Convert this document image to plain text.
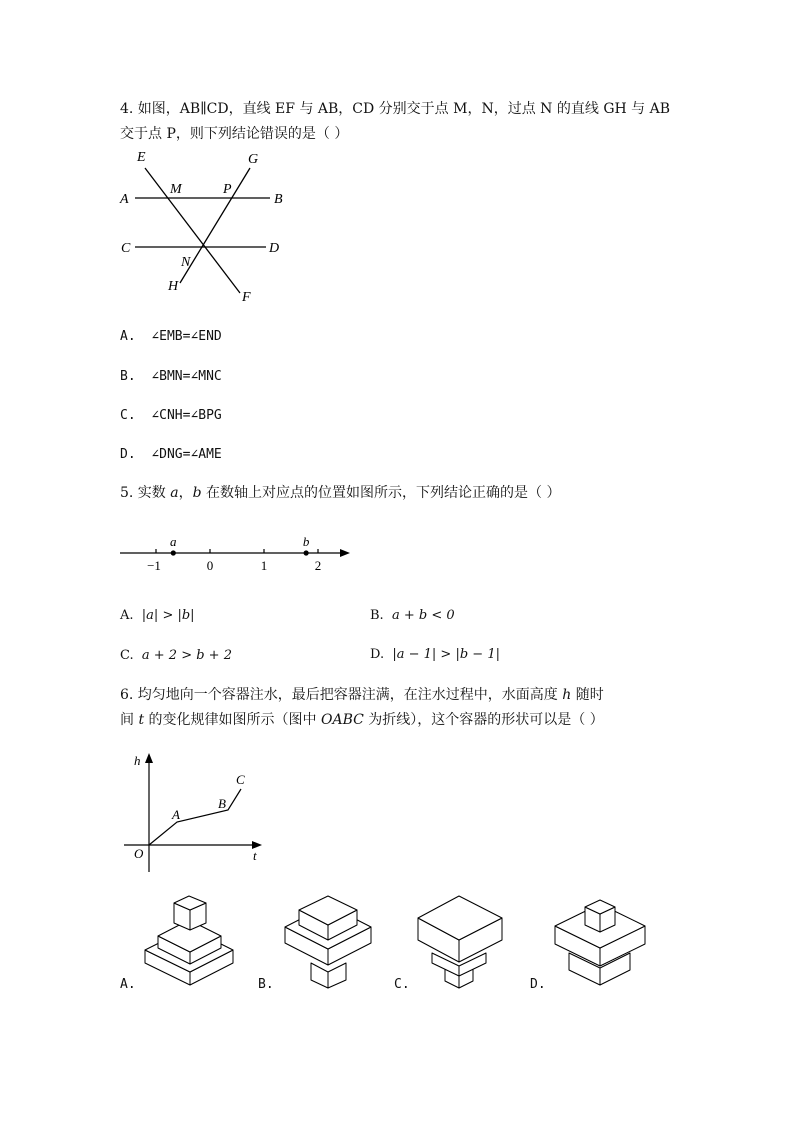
4. 如图，AB∥CD，直线 EF 与 AB，CD 分别交于点 M，N，过点 N 的直线 GH 与 AB
交于点 P，则下列结论错误的是（ ）
E	G
A
M	P
B
C	D
N
H
F
A. ∠EMB=∠END
B. ∠BMN=∠MNC
C. ∠CNH=∠BPG
D. ∠DNG=∠AME
5. 实数 a，b 在数轴上对应点的位置如图所示，下列结论正确的是（ ）
−1	0	1	2
a	b
A. |a| > |b|	B. a + b < 0
C. a + 2 > b + 2	D. |a − 1| > |b − 1|
6. 均匀地向一个容器注水，最后把容器注满，在注水过程中，水面高度 h 随时
间 t 的变化规律如图所示（图中 OABC 为折线），这个容器的形状可以是（ ）
h
t
O
A
B
C
A.	B.	C.	D.
